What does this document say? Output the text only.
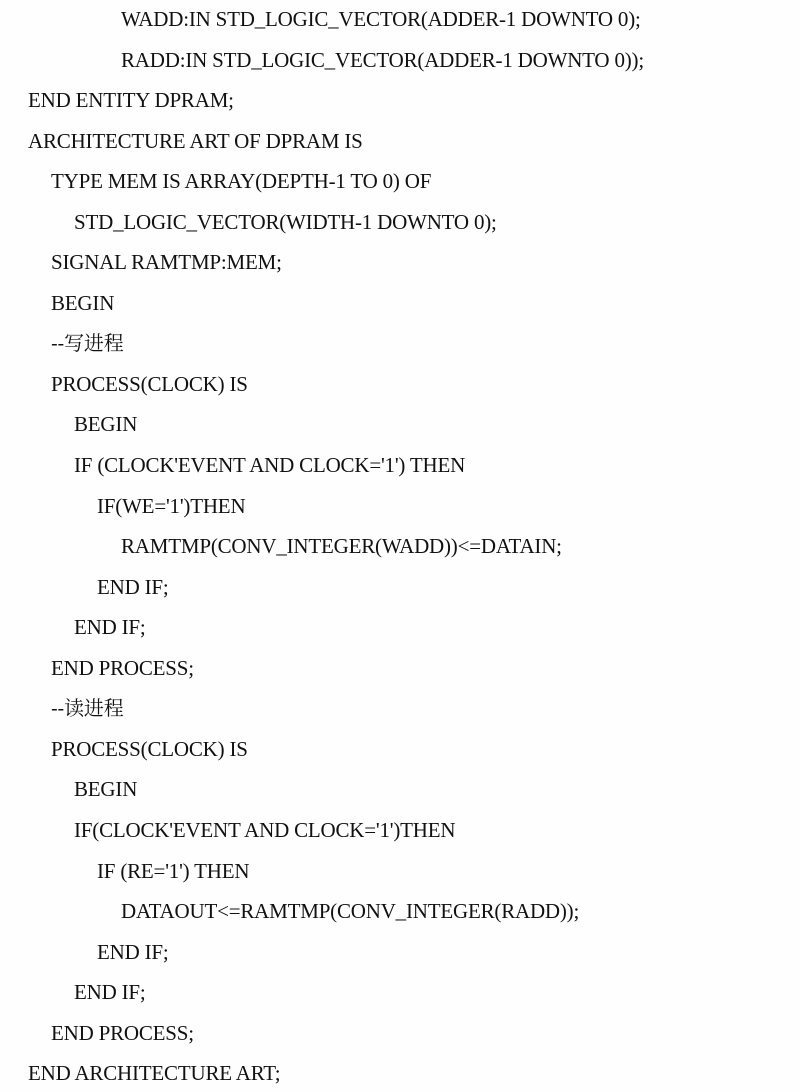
WADD:IN STD_LOGIC_VECTOR(ADDER-1 DOWNTO 0);
RADD:IN STD_LOGIC_VECTOR(ADDER-1 DOWNTO 0));
END ENTITY DPRAM;
ARCHITECTURE ART OF DPRAM IS
TYPE MEM IS ARRAY(DEPTH-1 TO 0) OF
STD_LOGIC_VECTOR(WIDTH-1 DOWNTO 0);
SIGNAL RAMTMP:MEM;
BEGIN
--写进程
PROCESS(CLOCK) IS
BEGIN
IF (CLOCK'EVENT AND CLOCK='1') THEN
IF(WE='1')THEN
RAMTMP(CONV_INTEGER(WADD))<=DATAIN;
END IF;
END IF;
END PROCESS;
--读进程
PROCESS(CLOCK) IS
BEGIN
IF(CLOCK'EVENT AND CLOCK='1')THEN
IF (RE='1') THEN
DATAOUT<=RAMTMP(CONV_INTEGER(RADD));
END IF;
END IF;
END PROCESS;
END ARCHITECTURE ART;
